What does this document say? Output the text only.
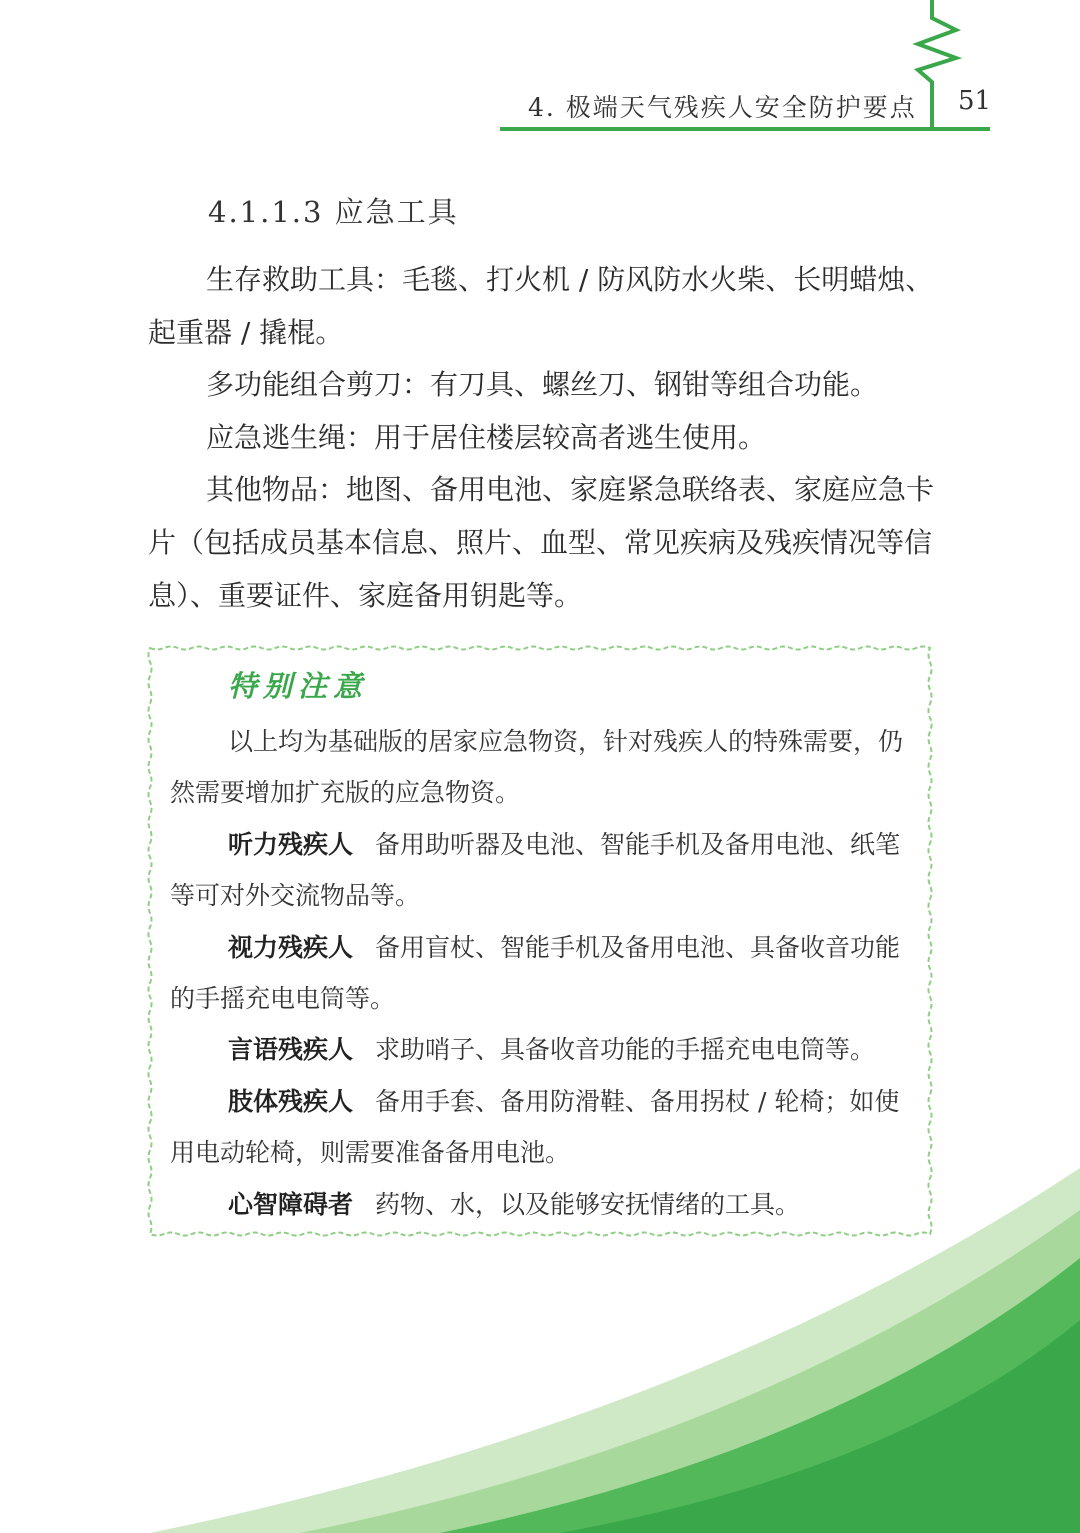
4. 极端天气残疾人安全防护要点 51
4.1.1.3 应急工具

生存救助工具：毛毯、打火机 / 防风防水火柴、长明蜡烛、起重器 / 撬棍。

多功能组合剪刀：有刀具、螺丝刀、钢钳等组合功能。

应急逃生绳：用于居住楼层较高者逃生使用。

其他物品：地图、备用电池、家庭紧急联络表、家庭应急卡片（包括成员基本信息、照片、血型、常见疾病及残疾情况等信息）、重要证件、家庭备用钥匙等。

特别注意

以上均为基础版的居家应急物资，针对残疾人的特殊需要，仍然需要增加扩充版的应急物资。

听力残疾人 备用助听器及电池、智能手机及备用电池、纸笔等可对外交流物品等。

视力残疾人 备用盲杖、智能手机及备用电池、具备收音功能的手摇充电电筒等。

言语残疾人 求助哨子、具备收音功能的手摇充电电筒等。

肢体残疾人 备用手套、备用防滑鞋、备用拐杖 / 轮椅；如使用电动轮椅，则需要准备备用电池。

心智障碍者 药物、水，以及能够安抚情绪的工具。
